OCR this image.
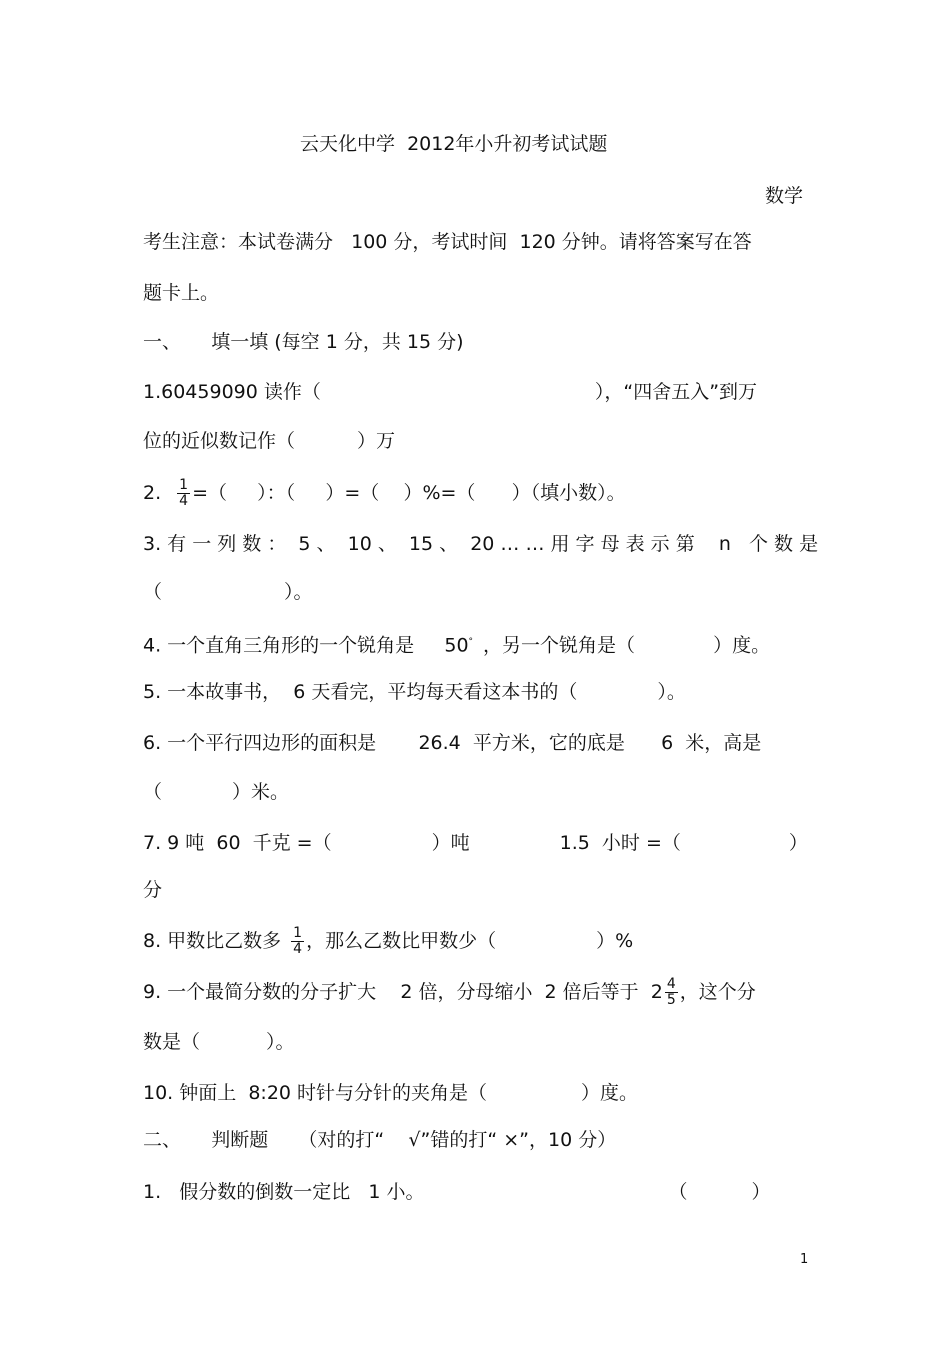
云天化中学  2012年小升初考试试题
数学
考生注意：本试卷满分   100 分，考试时间  120 分钟。请将答案写在答
题卡上。
一、     填一填 (每空 1 分，共 15 分)
1.60459090 读作（	），“四舍五入”到万
位的近似数记作（	）万
2. $\frac{1}{4}$ =（     ）：（     ）=（    ）%=（      ）（填小数）。
3. 有 一 列 数 ：  5 、  10 、  15 、  20 … … 用 字 母 表 示 第    n   个 数 是
（	）。
4. 一个直角三角形的一个锐角是     50° ，另一个锐角是（	）度。
5. 一本故事书，  6 天看完，平均每天看这本书的（	）。
6. 一个平行四边形的面积是       26.4  平方米，它的底是      6  米，高是
（	）米。
7. 9 吨  60  千克 =（	）吨	1.5  小时 =（	）
分
8. 甲数比乙数多 $\frac{1}{4}$ ，那么乙数比甲数少（	）%
9. 一个最简分数的分子扩大    2 倍，分母缩小  2 倍后等于  $2 \frac{4}{5}$ ，这个分
数是（	）。
10. 钟面上  8:20 时针与分针的夹角是（	）度。
二、     判断题     （对的打“    √”错的打“ ×”，10 分）
1.   假分数的倒数一定比   1 小。	（	）
1
